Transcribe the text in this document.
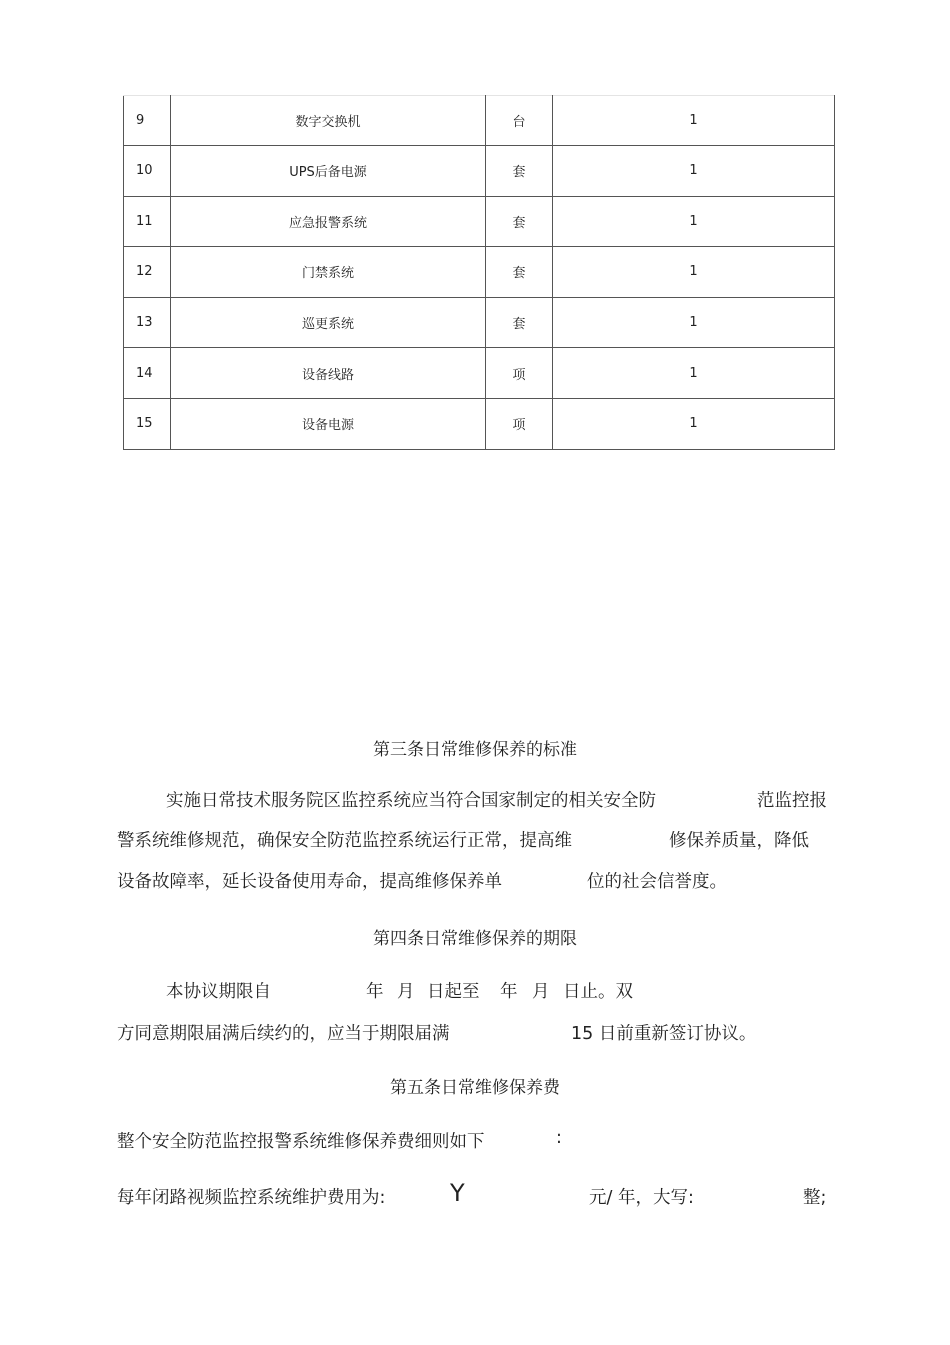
9	数字交换机	台	1
10	UPS后备电源	套	1
11	应急报警系统	套	1
12	门禁系统	套	1
13	巡更系统	套	1
14	设备线路	项	1
15	设备电源	项	1
第三条日常维修保养的标准
实施日常技术服务院区监控系统应当符合国家制定的相关安全防	范监控报
警系统维修规范，确保安全防范监控系统运行正常，提高维	修保养质量，降低
设备故障率，延长设备使用寿命，提高维修保养单	位的社会信誉度。
第四条日常维修保养的期限
本协议期限自	年 月 日起至 年 月 日止。双
方同意期限届满后续约的，应当于期限届满	15 日前重新签订协议。
第五条日常维修保养费
整个安全防范监控报警系统维修保养费细则如下	:
每年闭路视频监控系统维护费用为:	Y	元/ 年，大写:	整;
